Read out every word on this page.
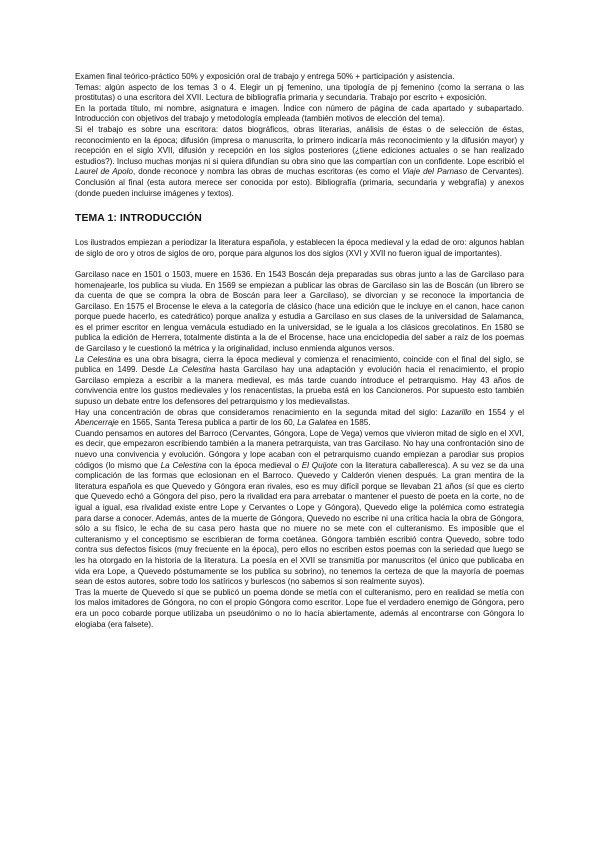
Examen final teórico-práctico 50% y exposición oral de trabajo y entrega 50% + participación y asistencia.

Temas: algún aspecto de los temas 3 o 4. Elegir un pj femenino, una tipología de pj femenino (como la serrana o las prostitutas) o una escritora del XVII. Lectura de bibliografía primaria y secundaria. Trabajo por escrito + exposición.

En la portada título, mi nombre, asignatura e imagen. Índice con número de página de cada apartado y subapartado. Introducción con objetivos del trabajo y metodología empleada (también motivos de elección del tema).

Si el trabajo es sobre una escritora: datos biográficos, obras literarias, análisis de éstas o de selección de éstas, reconocimiento en la época; difusión (impresa o manuscrita, lo primero indicaría más reconocimiento y la difusión mayor) y recepción en el siglo XVII, difusión y recepción en los siglos posteriores (¿tiene ediciones actuales o se han realizado estudios?). Incluso muchas monjas ni si quiera difundían su obra sino que las compartían con un confidente. Lope escribió el Laurel de Apolo, donde reconoce y nombra las obras de muchas escritoras (es como el Viaje del Parnaso de Cervantes). Conclusión al final (esta autora merece ser conocida por esto). Bibliografía (primaria, secundaria y webgrafía) y anexos (donde pueden incluirse imágenes y textos).

TEMA 1: INTRODUCCIÓN

Los ilustrados empiezan a periodizar la literatura española, y establecen la época medieval y la edad de oro: algunos hablan de siglo de oro y otros de siglos de oro, porque para algunos los dos siglos (XVI y XVII no fueron igual de importantes).

Garcilaso nace en 1501 o 1503, muere en 1536. En 1543 Boscán deja preparadas sus obras junto a las de Garcilaso para homenajearle, los publica su viuda. En 1569 se empiezan a publicar las obras de Garcilaso sin las de Boscán (un librero se da cuenta de que se compra la obra de Boscán para leer a Garcilaso), se divorcian y se reconoce la importancia de Garcilaso. En 1575 el Brocense le eleva a la categoría de clásico (hace una edición que le incluye en el canon, hace canon porque puede hacerlo, es catedrático) porque analiza y estudia a Garcilaso en sus clases de la universidad de Salamanca, es el primer escritor en lengua vernácula estudiado en la universidad, se le iguala a los clásicos grecolatinos. En 1580 se publica la edición de Herrera, totalmente distinta a la de el Brocense, hace una enciclopedia del saber a raíz de los poemas de Garcilaso y le cuestionó la métrica y la originalidad, incluso enmienda algunos versos.

La Celestina es una obra bisagra, cierra la época medieval y comienza el renacimiento, coincide con el final del siglo, se publica en 1499. Desde La Celestina hasta Garcilaso hay una adaptación y evolución hacia el renacimiento, el propio Garcilaso empieza a escribir a la manera medieval, es más tarde cuando introduce el petrarquismo. Hay 43 años de convivencia entre los gustos medievales y los renacentistas, la prueba está en los Cancioneros. Por supuesto esto también supuso un debate entre los defensores del petrarquismo y los medievalistas.

Hay una concentración de obras que consideramos renacimiento en la segunda mitad del siglo: Lazarillo en 1554 y el Abencerraje en 1565, Santa Teresa publica a partir de los 60, La Galatea en 1585.

Cuando pensamos en autores del Barroco (Cervantes, Góngora, Lope de Vega) vemos que vivieron mitad de siglo en el XVI, es decir, que empezaron escribiendo también a la manera petrarquista, van tras Garcilaso. No hay una confrontación sino de nuevo una convivencia y evolución. Góngora y lope acaban con el petrarquismo cuando empiezan a parodiar sus propios códigos (lo mismo que La Celestina con la época medieval o El Quijote con la literatura caballeresca). A su vez se da una complicación de las formas que eclosionan en el Barroco. Quevedo y Calderón vienen después. La gran mentira de la literatura española es que Quevedo y Góngora eran rivales, eso es muy difícil porque se llevaban 21 años (sí que es cierto que Quevedo echó a Góngora del piso, pero la rivalidad era para arrebatar o mantener el puesto de poeta en la corte, no de igual a igual, esa rivalidad existe entre Lope y Cervantes o Lope y Góngora), Quevedo elige la polémica como estrategia para darse a conocer. Además, antes de la muerte de Góngora, Quevedo no escribe ni una crítica hacia la obra de Góngora, sólo a su físico, le echa de su casa pero hasta que no muere no se mete con el culteranismo. Es imposible que el culteranismo y el conceptismo se escribieran de forma coetánea. Góngora también escribió contra Quevedo, sobre todo contra sus defectos físicos (muy frecuente en la época), pero ellos no escriben estos poemas con la seriedad que luego se les ha otorgado en la historia de la literatura. La poesía en el XVII se transmitía por manuscritos (el único que publicaba en vida era Lope, a Quevedo póstumamente se los publica su sobrino), no tenemos la certeza de que la mayoría de poemas sean de estos autores, sobre todo los satíricos y burlescos (no sabemos si son realmente suyos).

Tras la muerte de Quevedo sí que se publicó un poema donde se metía con el culteranismo, pero en realidad se metía con los malos imitadores de Góngora, no con el propio Góngora como escritor. Lope fue el verdadero enemigo de Góngora, pero era un poco cobarde porque utilizaba un pseudónimo o no lo hacía abiertamente, además al encontrarse con Góngora lo elogiaba (era falsete).
